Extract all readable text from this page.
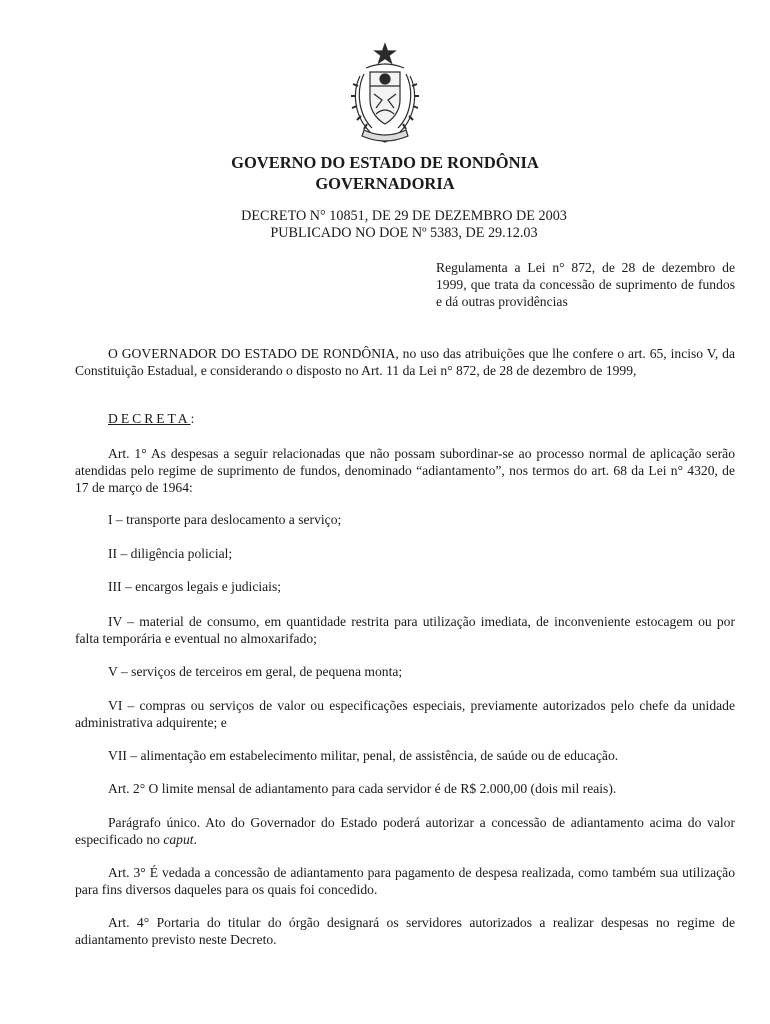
GOVERNO DO ESTADO DE RONDÔNIA

GOVERNADORIA

DECRETO N° 10851, DE 29 DE DEZEMBRO DE 2003

PUBLICADO NO DOE Nº 5383, DE 29.12.03

Regulamenta a Lei n° 872, de 28 de dezembro de 1999, que trata da concessão de suprimento de fundos e dá outras providências

O GOVERNADOR DO ESTADO DE RONDÔNIA, no uso das atribuições que lhe confere o art. 65, inciso V, da Constituição Estadual, e considerando o disposto no Art. 11 da Lei n° 872, de 28 de dezembro de 1999,

DECRETA:

Art. 1° As despesas a seguir relacionadas que não possam subordinar-se ao processo normal de aplicação serão atendidas pelo regime de suprimento de fundos, denominado “adiantamento”, nos termos do art. 68 da Lei n° 4320, de 17 de março de 1964:

I – transporte para deslocamento a serviço;

II – diligência policial;

III – encargos legais e judiciais;

IV – material de consumo, em quantidade restrita para utilização imediata, de inconveniente estocagem ou por falta temporária e eventual no almoxarifado;

V – serviços de terceiros em geral, de pequena monta;

VI – compras ou serviços de valor ou especificações especiais, previamente autorizados pelo chefe da unidade administrativa adquirente; e

VII – alimentação em estabelecimento militar, penal, de assistência, de saúde ou de educação.

Art. 2° O limite mensal de adiantamento para cada servidor é de R$ 2.000,00 (dois mil reais).

Parágrafo único. Ato do Governador do Estado poderá autorizar a concessão de adiantamento acima do valor especificado no caput.

Art. 3° É vedada a concessão de adiantamento para pagamento de despesa realizada, como também sua utilização para fins diversos daqueles para os quais foi concedido.

Art. 4° Portaria do titular do órgão designará os servidores autorizados a realizar despesas no regime de adiantamento previsto neste Decreto.
